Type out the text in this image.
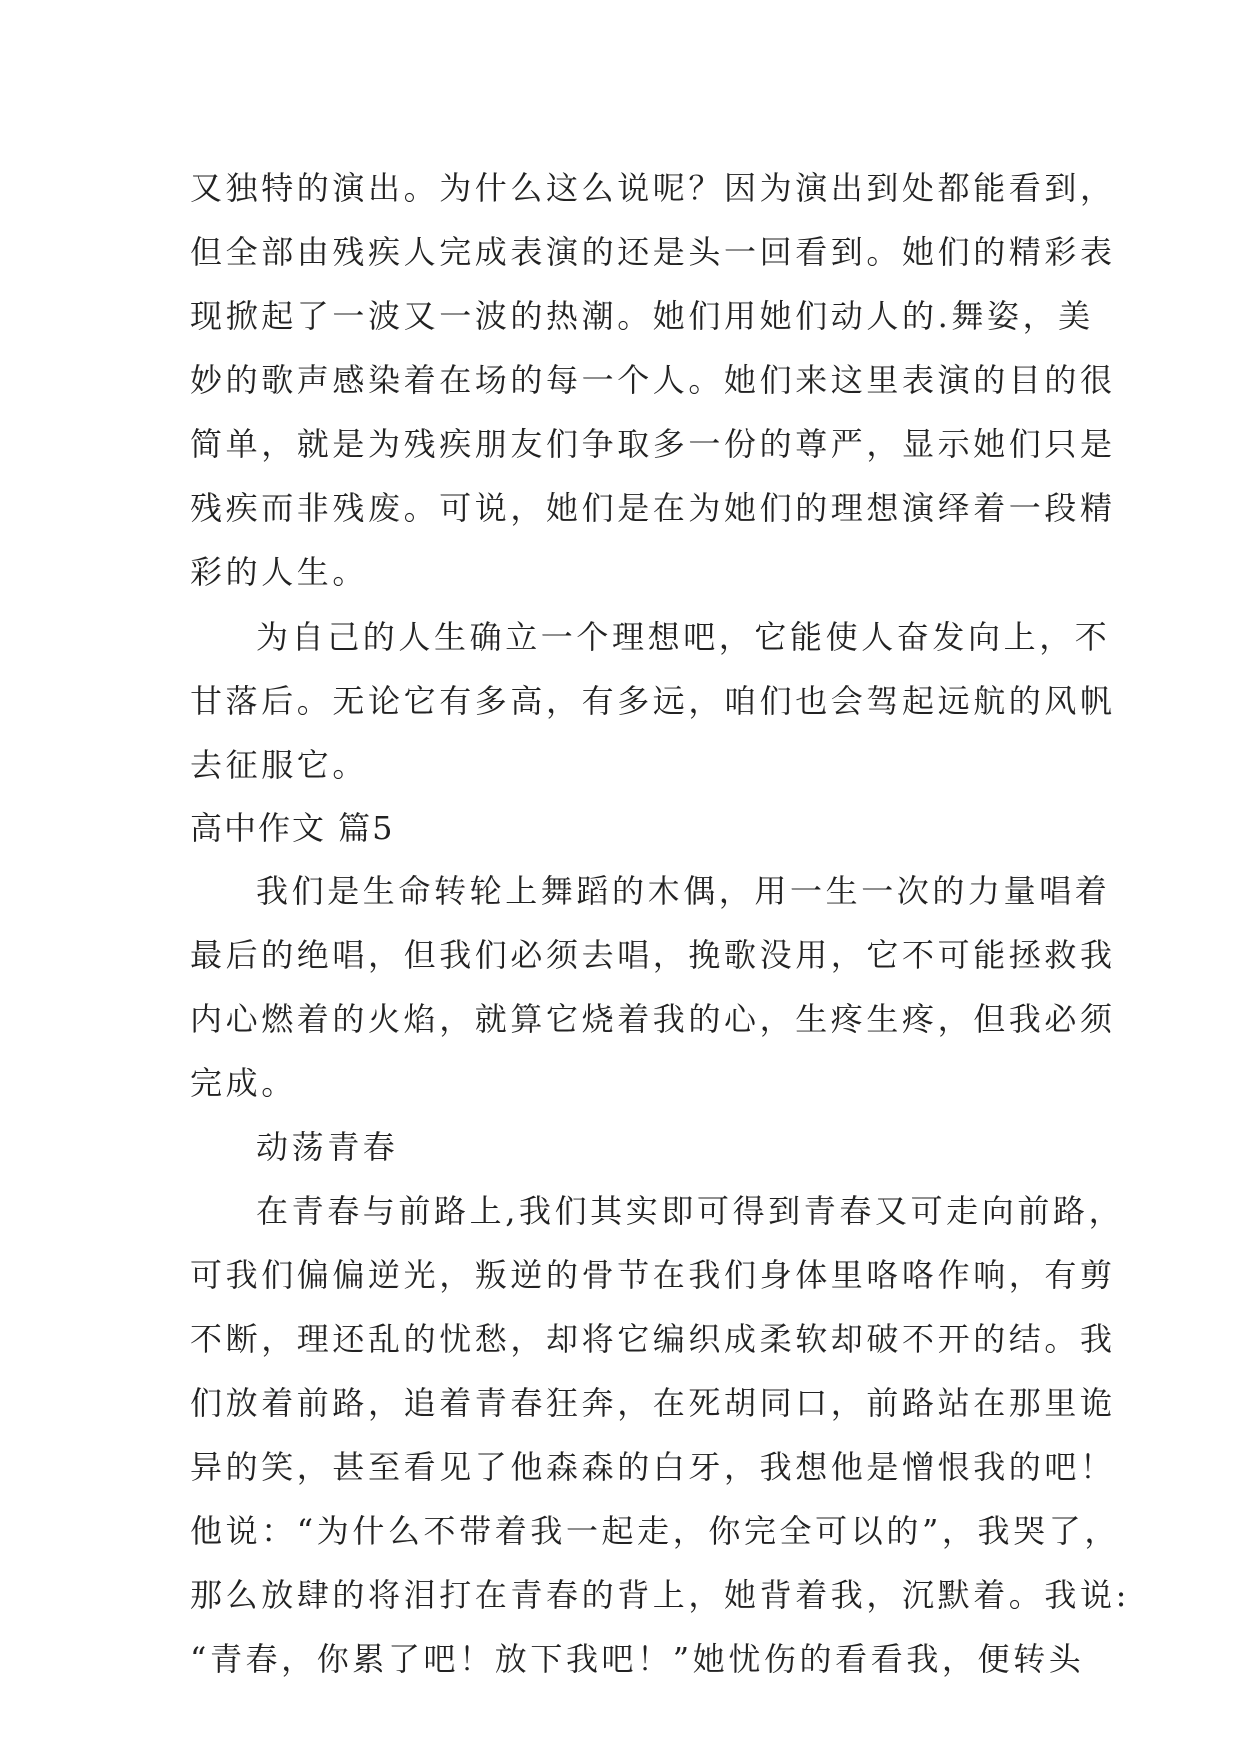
又独特的演出。为什么这么说呢？因为演出到处都能看到，
但全部由残疾人完成表演的还是头一回看到。她们的精彩表
现掀起了一波又一波的热潮。她们用她们动人的.舞姿，美
妙的歌声感染着在场的每一个人。她们来这里表演的目的很
简单，就是为残疾朋友们争取多一份的尊严，显示她们只是
残疾而非残废。可说，她们是在为她们的理想演绎着一段精
彩的人生。
为自己的人生确立一个理想吧，它能使人奋发向上，不
甘落后。无论它有多高，有多远，咱们也会驾起远航的风帆
去征服它。
高中作文 篇5
我们是生命转轮上舞蹈的木偶，用一生一次的力量唱着
最后的绝唱，但我们必须去唱，挽歌没用，它不可能拯救我
内心燃着的火焰，就算它烧着我的心，生疼生疼，但我必须
完成。
动荡青春
在青春与前路上,我们其实即可得到青春又可走向前路，
可我们偏偏逆光，叛逆的骨节在我们身体里咯咯作响，有剪
不断，理还乱的忧愁，却将它编织成柔软却破不开的结。我
们放着前路，追着青春狂奔，在死胡同口，前路站在那里诡
异的笑，甚至看见了他森森的白牙，我想他是憎恨我的吧！
他说：“为什么不带着我一起走，你完全可以的”，我哭了，
那么放肆的将泪打在青春的背上，她背着我，沉默着。我说:
“青春，你累了吧！放下我吧！”她忧伤的看看我，便转头
